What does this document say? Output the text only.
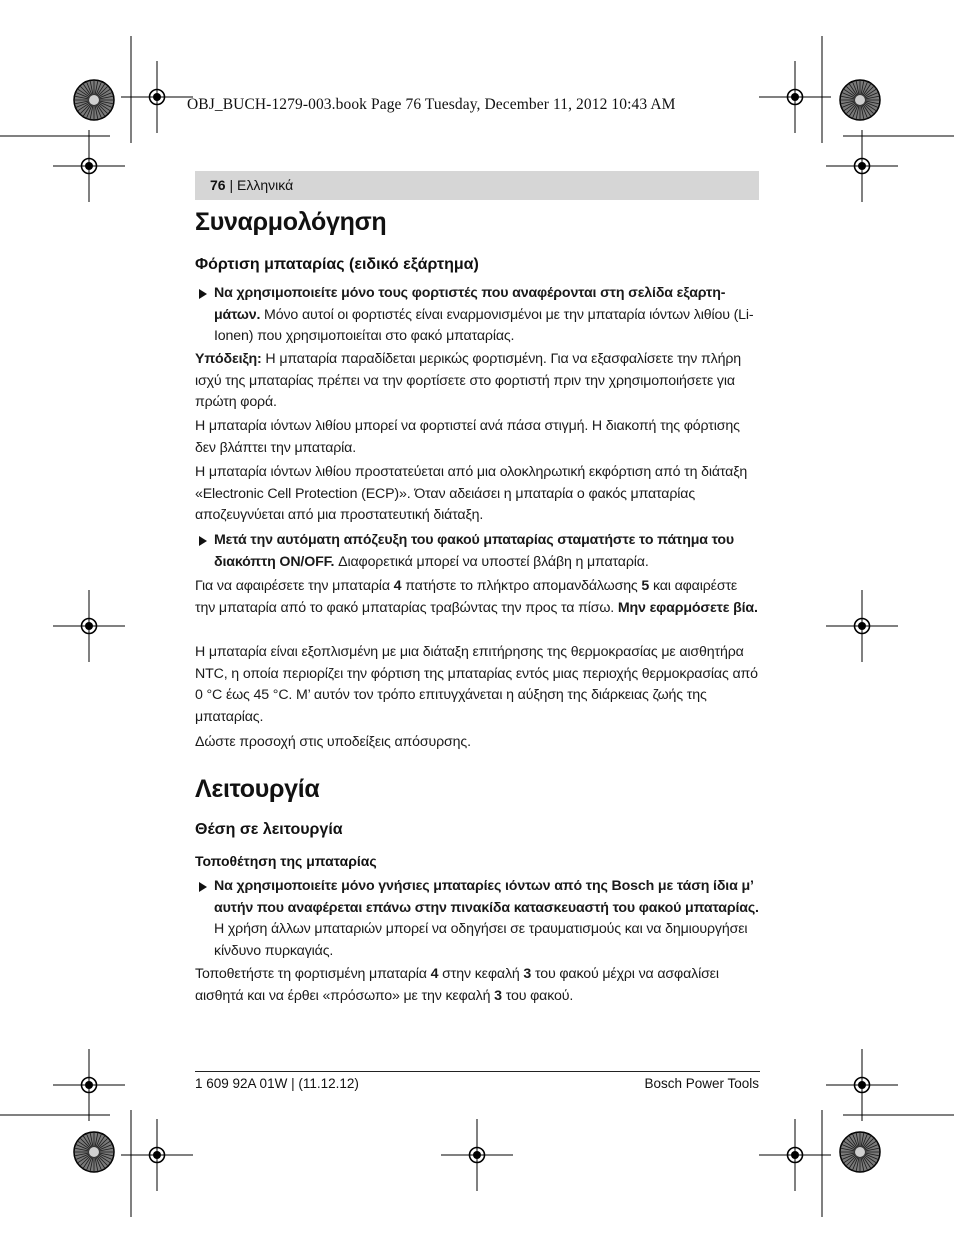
OBJ_BUCH-1279-003.book Page 76 Tuesday, December 11, 2012 10:43 AM
76 | Ελληνικά
Συναρμολόγηση
Φόρτιση μπαταρίας (ειδικό εξάρτημα)
Να χρησιμοποιείτε μόνο τους φορτιστές που αναφέρονται στη σελίδα εξαρτημάτων. Μόνο αυτοί οι φορτιστές είναι εναρμονισμένοι με την μπαταρία ιόντων λιθίου (Li-Ionen) που χρησιμοποιείται στο φακό μπαταρίας.

Υπόδειξη: Η μπαταρία παραδίδεται μερικώς φορτισμένη. Για να εξασφαλίσετε την πλήρη ισχύ της μπαταρίας πρέπει να την φορτίσετε στο φορτιστή πριν την χρησιμοποιήσετε για πρώτη φορά.

Η μπαταρία ιόντων λιθίου μπορεί να φορτιστεί ανά πάσα στιγμή. Η διακοπή της φόρτισης δεν βλάπτει την μπαταρία.

Η μπαταρία ιόντων λιθίου προστατεύεται από μια ολοκληρωτική εκφόρτιση από τη διάταξη «Electronic Cell Protection (ECP)». Όταν αδειάσει η μπαταρία ο φακός μπαταρίας αποζευγνύεται από μια προστατευτική διάταξη.

Μετά την αυτόματη απόζευξη του φακού μπαταρίας σταματήστε το πάτημα του διακόπτη ON/OFF. Διαφορετικά μπορεί να υποστεί βλάβη η μπαταρία.

Για να αφαιρέσετε την μπαταρία 4 πατήστε το πλήκτρο απομανδάλωσης 5 και αφαιρέστε την μπαταρία από το φακό μπαταρίας τραβώντας την προς τα πίσω. Μην εφαρμόσετε βία.

Η μπαταρία είναι εξοπλισμένη με μια διάταξη επιτήρησης της θερμοκρασίας με αισθητήρα NTC, η οποία περιορίζει την φόρτιση της μπαταρίας εντός μιας περιοχής θερμοκρασίας από 0 °C έως 45 °C. Μ’ αυτόν τον τρόπο επιτυγχάνεται η αύξηση της διάρκειας ζωής της μπαταρίας.

Δώστε προσοχή στις υποδείξεις απόσυρσης.

Λειτουργία
Θέση σε λειτουργία
Τοποθέτηση της μπαταρίας
Να χρησιμοποιείτε μόνο γνήσιες μπαταρίες ιόντων από της Bosch με τάση ίδια μ’ αυτήν που αναφέρεται επάνω στην πινακίδα κατασκευαστή του φακού μπαταρίας. Η χρήση άλλων μπαταριών μπορεί να οδηγήσει σε τραυματισμούς και να δημιουργήσει κίνδυνο πυρκαγιάς.

Τοποθετήστε τη φορτισμένη μπαταρία 4 στην κεφαλή 3 του φακού μέχρι να ασφαλίσει αισθητά και να έρθει «πρόσωπο» με την κεφαλή 3 του φακού.

1 609 92A 01W | (11.12.12)	Bosch Power Tools
